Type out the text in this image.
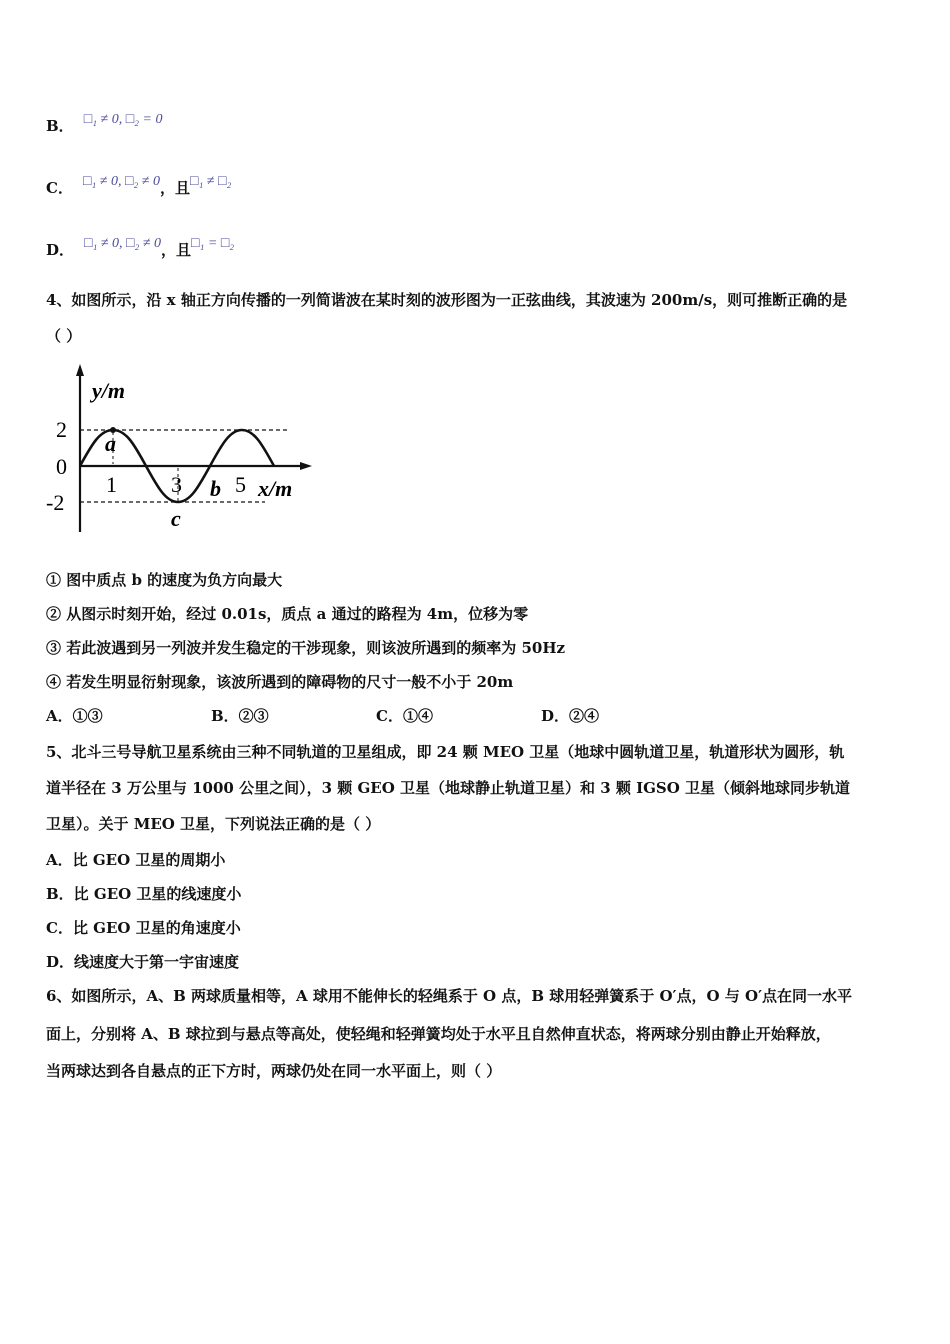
B． □₁ ≠ 0, □₂ = 0
C． □₁ ≠ 0, □₂ ≠ 0，且□₁ ≠ □₂
D． □₁ ≠ 0, □₂ ≠ 0，且□₁ = □₂
4、如图所示，沿 x 轴正方向传播的一列简谐波在某时刻的波形图为一正弦曲线，其波速为 200m/s，则可推断正确的是
（ ）
y/m
2
0
-2
1 3 5 x/m
a
b
c
① 图中质点 b 的速度为负方向最大
② 从图示时刻开始，经过 0.01s，质点 a 通过的路程为 4m，位移为零
③ 若此波遇到另一列波并发生稳定的干涉现象，则该波所遇到的频率为 50Hz
④ 若发生明显衍射现象，该波所遇到的障碍物的尺寸一般不小于 20m
A．①③	B．②③	C．①④	D．②④
5、北斗三号导航卫星系统由三种不同轨道的卫星组成，即 24 颗 MEO 卫星（地球中圆轨道卫星，轨道形状为圆形，轨
道半径在 3 万公里与 1000 公里之间），3 颗 GEO 卫星（地球静止轨道卫星）和 3 颗 IGSO 卫星（倾斜地球同步轨道
卫星）。关于 MEO 卫星，下列说法正确的是（ ）
A．比 GEO 卫星的周期小
B．比 GEO 卫星的线速度小
C．比 GEO 卫星的角速度小
D．线速度大于第一宇宙速度
6、如图所示，A、B 两球质量相等，A 球用不能伸长的轻绳系于 O 点，B 球用轻弹簧系于 O′点，O 与 O′点在同一水平
面上，分别将 A、B 球拉到与悬点等高处，使轻绳和轻弹簧均处于水平且自然伸直状态，将两球分别由静止开始释放，
当两球达到各自悬点的正下方时，两球仍处在同一水平面上，则（ ）
